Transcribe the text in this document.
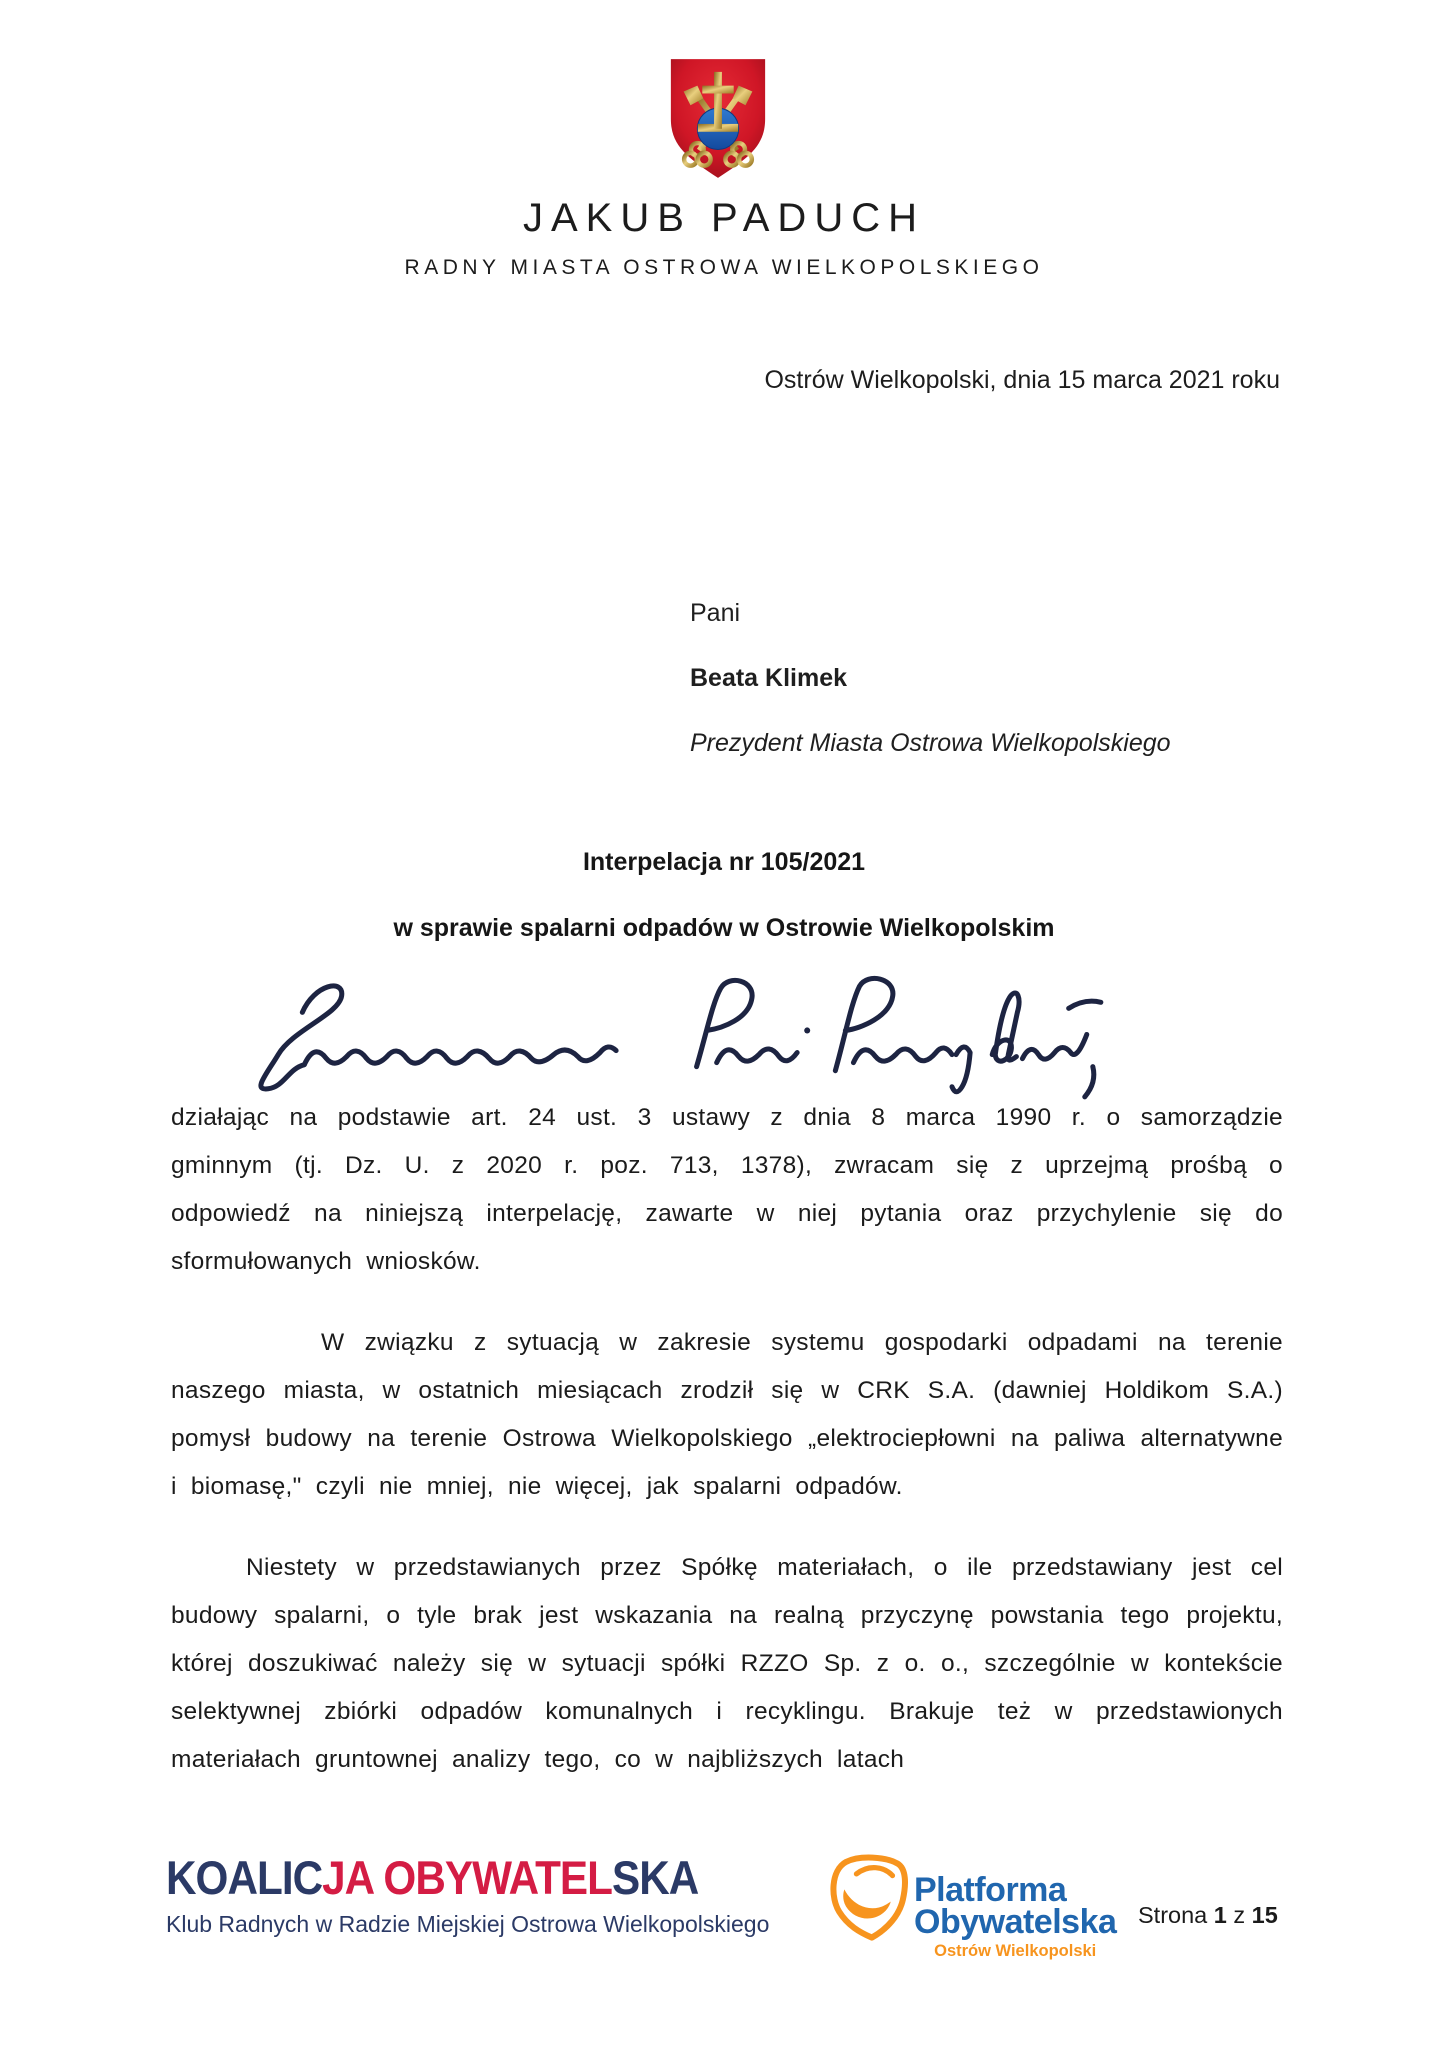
JAKUB PADUCH
RADNY MIASTA OSTROWA WIELKOPOLSKIEGO
Ostrów Wielkopolski, dnia 15 marca 2021 roku
Pani
Beata Klimek
Prezydent Miasta Ostrowa Wielkopolskiego
Interpelacja nr 105/2021
w sprawie spalarni odpadów w Ostrowie Wielkopolskim

działając na podstawie art. 24 ust. 3 ustawy z dnia 8 marca 1990 r. o samorządzie gminnym (tj. Dz. U. z 2020 r. poz. 713, 1378), zwracam się z uprzejmą prośbą o odpowiedź na niniejszą interpelację, zawarte w niej pytania oraz przychylenie się do sformułowanych wniosków.

W związku z sytuacją w zakresie systemu gospodarki odpadami na terenie naszego miasta, w ostatnich miesiącach zrodził się w CRK S.A. (dawniej Holdikom S.A.) pomysł budowy na terenie Ostrowa Wielkopolskiego „elektrociepłowni na paliwa alternatywne i biomasę," czyli nie mniej, nie więcej, jak spalarni odpadów.

Niestety w przedstawianych przez Spółkę materiałach, o ile przedstawiany jest cel budowy spalarni, o tyle brak jest wskazania na realną przyczynę powstania tego projektu, której doszukiwać należy się w sytuacji spółki RZZO Sp. z o. o., szczególnie w kontekście selektywnej zbiórki odpadów komunalnych i recyklingu. Brakuje też w przedstawionych materiałach gruntownej analizy tego, co w najbliższych latach

KOALICJA OBYWATELSKA
Klub Radnych w Radzie Miejskiej Ostrowa Wielkopolskiego
Platforma
Obywatelska
Ostrów Wielkopolski
Strona 1 z 15
